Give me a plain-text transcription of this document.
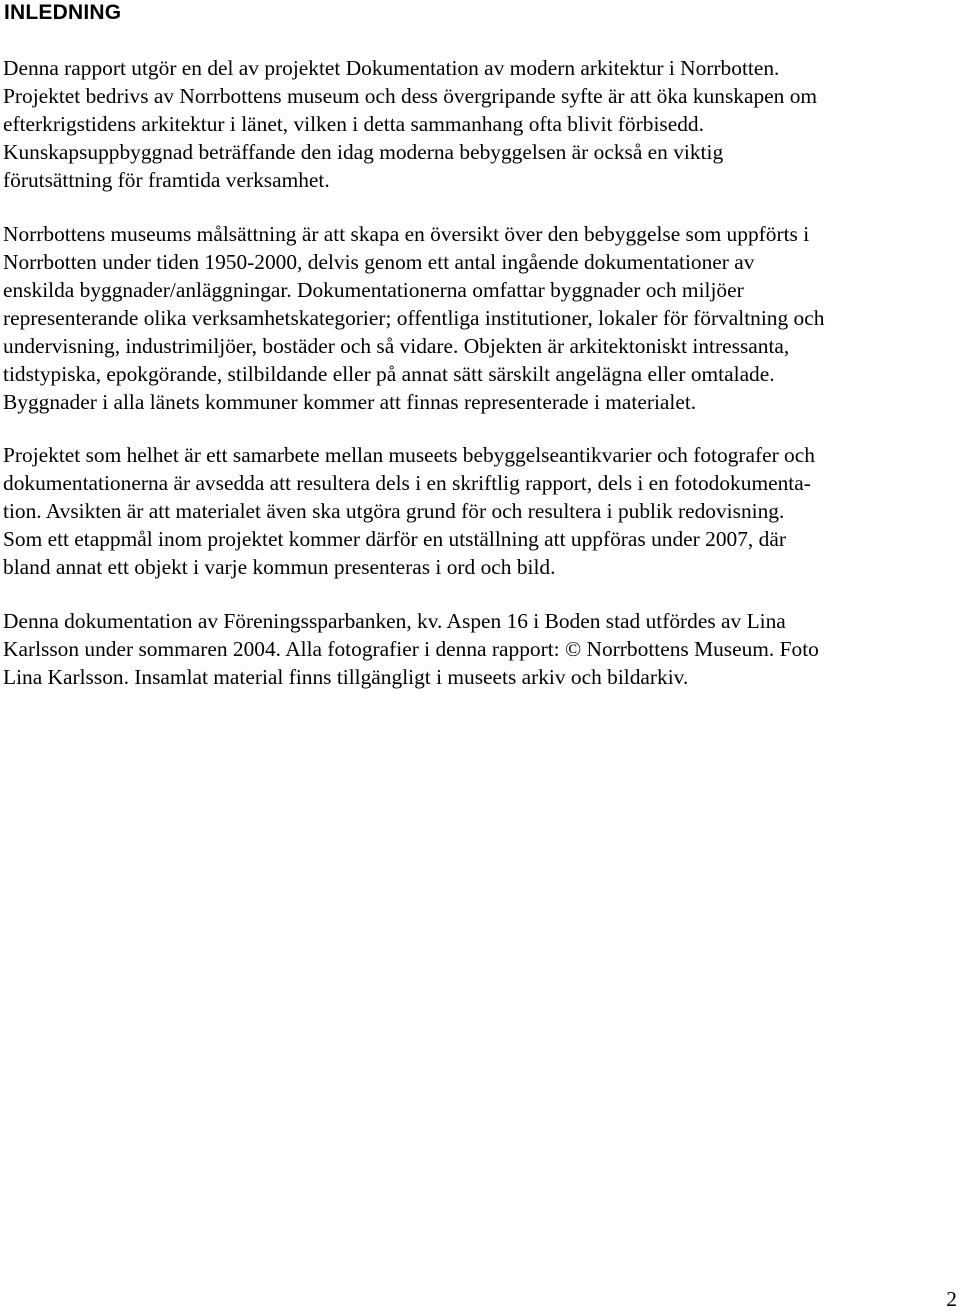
INLEDNING

Denna rapport utgör en del av projektet Dokumentation av modern arkitektur i Norrbotten.
Projektet bedrivs av Norrbottens museum och dess övergripande syfte är att öka kunskapen om
efterkrigstidens arkitektur i länet, vilken i detta sammanhang ofta blivit förbisedd.
Kunskapsuppbyggnad beträffande den idag moderna bebyggelsen är också en viktig
förutsättning för framtida verksamhet.

Norrbottens museums målsättning är att skapa en översikt över den bebyggelse som uppförts i
Norrbotten under tiden 1950-2000, delvis genom ett antal ingående dokumentationer av
enskilda byggnader/anläggningar. Dokumentationerna omfattar byggnader och miljöer
representerande olika verksamhetskategorier; offentliga institutioner, lokaler för förvaltning och
undervisning, industrimiljöer, bostäder och så vidare. Objekten är arkitektoniskt intressanta,
tidstypiska, epokgörande, stilbildande eller på annat sätt särskilt angelägna eller omtalade.
Byggnader i alla länets kommuner kommer att finnas representerade i materialet.

Projektet som helhet är ett samarbete mellan museets bebyggelseantikvarier och fotografer och
dokumentationerna är avsedda att resultera dels i en skriftlig rapport, dels i en fotodokumenta-
tion. Avsikten är att materialet även ska utgöra grund för och resultera i publik redovisning.
Som ett etappmål inom projektet kommer därför en utställning att uppföras under 2007, där
bland annat ett objekt i varje kommun presenteras i ord och bild.

Denna dokumentation av Föreningssparbanken, kv. Aspen 16 i Boden stad utfördes av Lina
Karlsson under sommaren 2004. Alla fotografier i denna rapport: © Norrbottens Museum. Foto
Lina Karlsson. Insamlat material finns tillgängligt i museets arkiv och bildarkiv.

2
